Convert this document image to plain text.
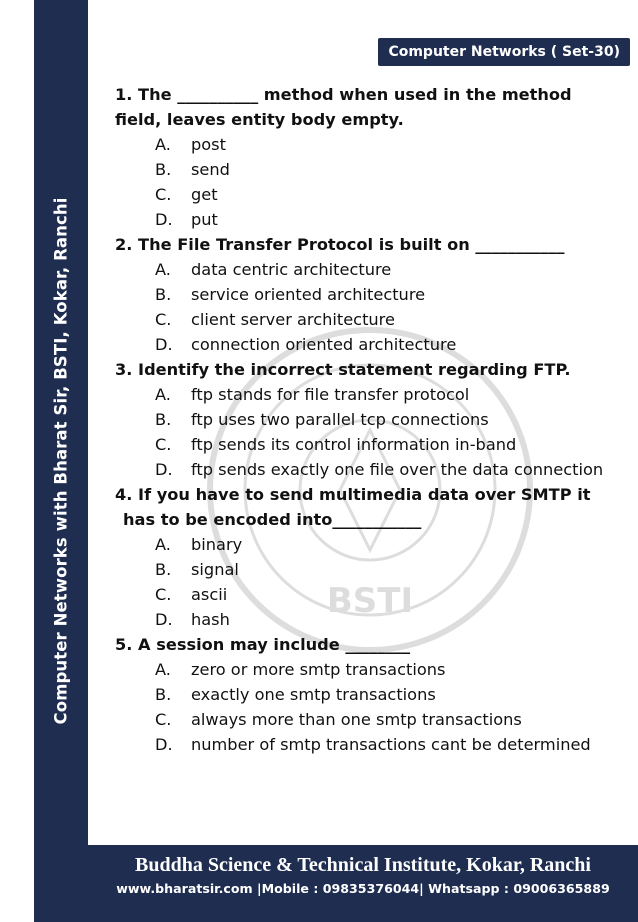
Computer Networks with Bharat Sir, BSTI, Kokar, Ranchi
Computer Networks ( Set-30)
BSTI

1. The __________ method when used in the method

field, leaves entity body empty.

A.	post
B.	send
C.	get
D.	put

2. The File Transfer Protocol is built on ___________

A.	data centric architecture
B.	service oriented architecture
C.	client server architecture
D.	connection oriented architecture

3. Identify the incorrect statement regarding FTP.

A.	ftp stands for file transfer protocol
B.	ftp uses two parallel tcp connections
C.	ftp sends its control information in-band
D.	ftp sends exactly one file over the data connection

4. If you have to send multimedia data over SMTP it

has to be encoded into___________

A.	binary
B.	signal
C.	ascii
D.	hash

5. A session may include ________

A.	zero or more smtp transactions
B.	exactly one smtp transactions
C.	always more than one smtp transactions
D.	number of smtp transactions cant be determined
Buddha Science & Technical Institute, Kokar, Ranchi
www.bharatsir.com |Mobile : 09835376044| Whatsapp : 09006365889
